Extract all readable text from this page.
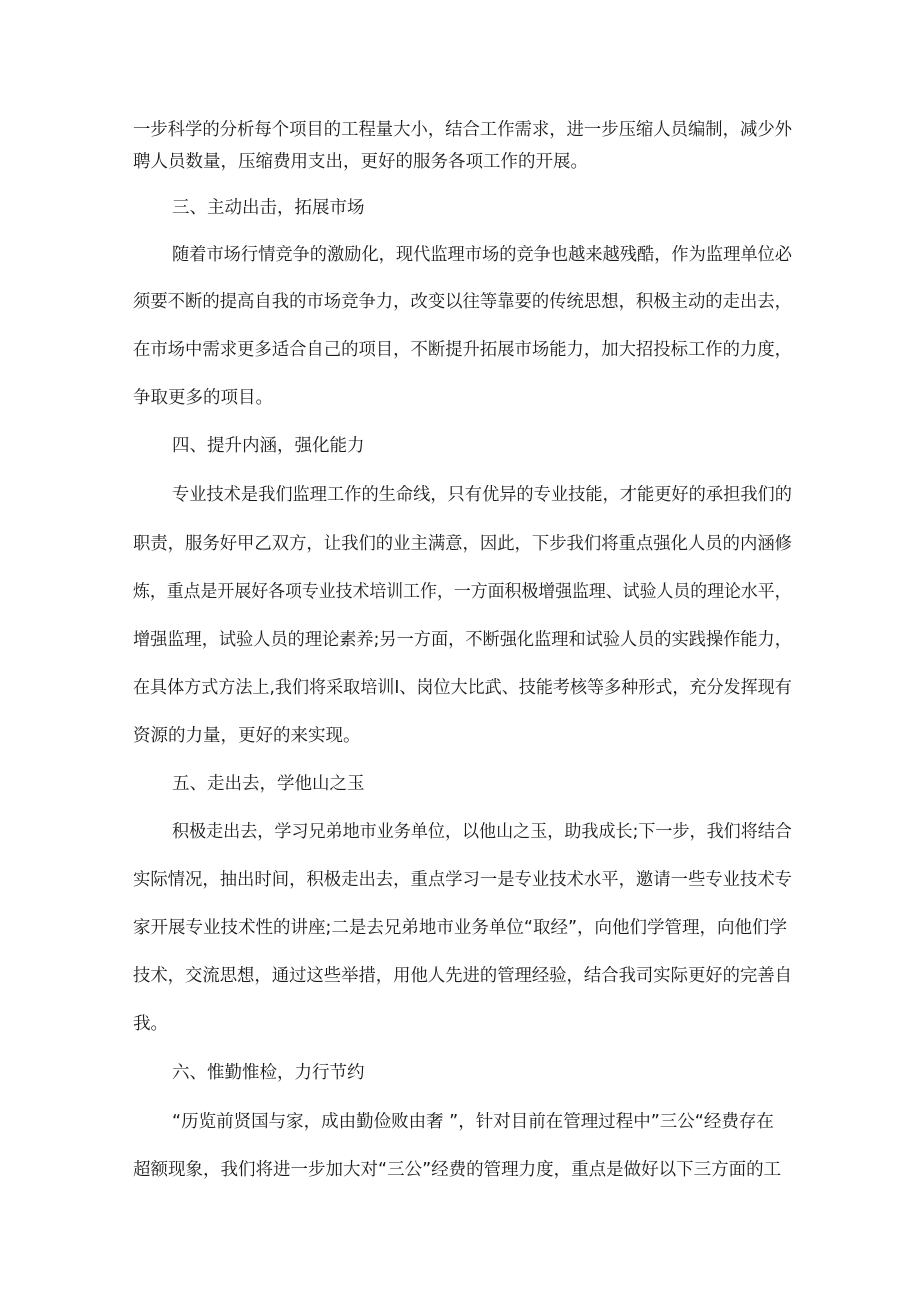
一步科学的分析每个项目的工程量大小，结合工作需求，进一步压缩人员编制，减少外

聘人员数量，压缩费用支出，更好的服务各项工作的开展。

三、主动出击，拓展市场

随着市场行情竞争的激励化，现代监理市场的竞争也越来越残酷，作为监理单位必

须要不断的提高自我的市场竞争力，改变以往等靠要的传统思想，积极主动的走出去，

在市场中需求更多适合自己的项目，不断提升拓展市场能力，加大招投标工作的力度，

争取更多的项目。

四、提升内涵，强化能力

专业技术是我们监理工作的生命线，只有优异的专业技能，才能更好的承担我们的

职责，服务好甲乙双方，让我们的业主满意，因此，下步我们将重点强化人员的内涵修

炼，重点是开展好各项专业技术培训工作，一方面积极增强监理、试验人员的理论水平，

增强监理，试验人员的理论素养;另一方面，不断强化监理和试验人员的实践操作能力，

在具体方式方法上,我们将采取培训I、岗位大比武、技能考核等多种形式，充分发挥现有

资源的力量，更好的来实现。

五、走出去，学他山之玉

积极走出去，学习兄弟地市业务单位，以他山之玉，助我成长;下一步，我们将结合

实际情况，抽出时间，积极走出去，重点学习一是专业技术水平，邀请一些专业技术专

家开展专业技术性的讲座;二是去兄弟地市业务单位“取经”，向他们学管理，向他们学

技术，交流思想，通过这些举措，用他人先进的管理经验，结合我司实际更好的完善自

我。

六、惟勤惟检，力行节约

“历览前贤国与家，成由勤俭败由奢 ”，针对目前在管理过程中”三公“经费存在

超额现象，我们将进一步加大对“三公”经费的管理力度，重点是做好以下三方面的工
